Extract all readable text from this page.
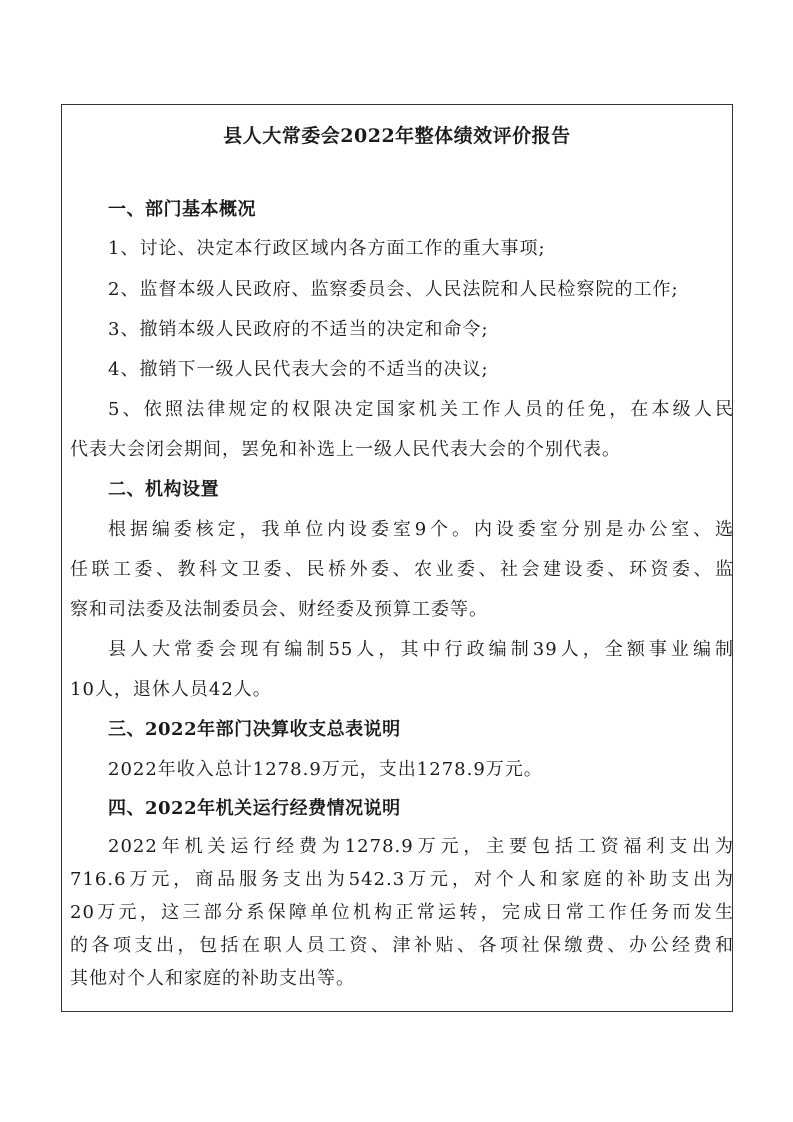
县人大常委会2022年整体绩效评价报告
一、部门基本概况
1、讨论、决定本行政区域内各方面工作的重大事项;
2、监督本级人民政府、监察委员会、人民法院和人民检察院的工作;
3、撤销本级人民政府的不适当的决定和命令;
4、撤销下一级人民代表大会的不适当的决议;
5、依照法律规定的权限决定国家机关工作人员的任免，在本级人民
代表大会闭会期间，罢免和补选上一级人民代表大会的个别代表。
二、机构设置
根据编委核定，我单位内设委室9个。内设委室分别是办公室、选
任联工委、教科文卫委、民桥外委、农业委、社会建设委、环资委、监
察和司法委及法制委员会、财经委及预算工委等。
县人大常委会现有编制55人，其中行政编制39人，全额事业编制
10人，退休人员42人。
三、2022年部门决算收支总表说明
2022年收入总计1278.9万元，支出1278.9万元。
四、2022年机关运行经费情况说明
2022年机关运行经费为1278.9万元，主要包括工资福利支出为
716.6万元，商品服务支出为542.3万元，对个人和家庭的补助支出为
20万元，这三部分系保障单位机构正常运转，完成日常工作任务而发生
的各项支出，包括在职人员工资、津补贴、各项社保缴费、办公经费和
其他对个人和家庭的补助支出等。
